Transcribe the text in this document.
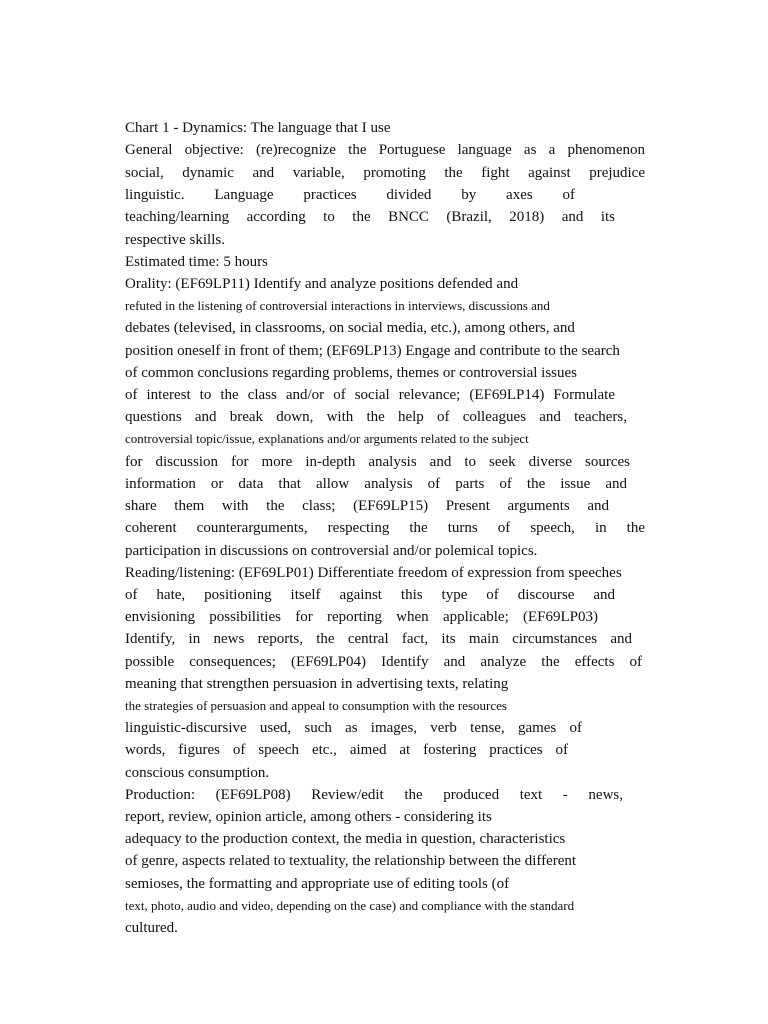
Chart 1 - Dynamics: The language that I use

General objective: (re)recognize the Portuguese language as a phenomenon

social, dynamic and variable, promoting the fight against prejudice

linguistic. Language practices divided by axes of

teaching/learning according to the BNCC (Brazil, 2018) and its

respective skills.

Estimated time: 5 hours

Orality: (EF69LP11) Identify and analyze positions defended and

refuted in the listening of controversial interactions in interviews, discussions and

debates (televised, in classrooms, on social media, etc.), among others, and

position oneself in front of them; (EF69LP13) Engage and contribute to the search

of common conclusions regarding problems, themes or controversial issues

of interest to the class and/or of social relevance; (EF69LP14) Formulate

questions and break down, with the help of colleagues and teachers,

controversial topic/issue, explanations and/or arguments related to the subject

for discussion for more in-depth analysis and to seek diverse sources

information or data that allow analysis of parts of the issue and

share them with the class; (EF69LP15) Present arguments and

coherent counterarguments, respecting the turns of speech, in the

participation in discussions on controversial and/or polemical topics.

Reading/listening: (EF69LP01) Differentiate freedom of expression from speeches

of hate, positioning itself against this type of discourse and

envisioning possibilities for reporting when applicable; (EF69LP03)

Identify, in news reports, the central fact, its main circumstances and

possible consequences; (EF69LP04) Identify and analyze the effects of

meaning that strengthen persuasion in advertising texts, relating

the strategies of persuasion and appeal to consumption with the resources

linguistic-discursive used, such as images, verb tense, games of

words, figures of speech etc., aimed at fostering practices of

conscious consumption.

Production: (EF69LP08) Review/edit the produced text - news,

report, review, opinion article, among others - considering its

adequacy to the production context, the media in question, characteristics

of genre, aspects related to textuality, the relationship between the different

semioses, the formatting and appropriate use of editing tools (of

text, photo, audio and video, depending on the case) and compliance with the standard

cultured.
